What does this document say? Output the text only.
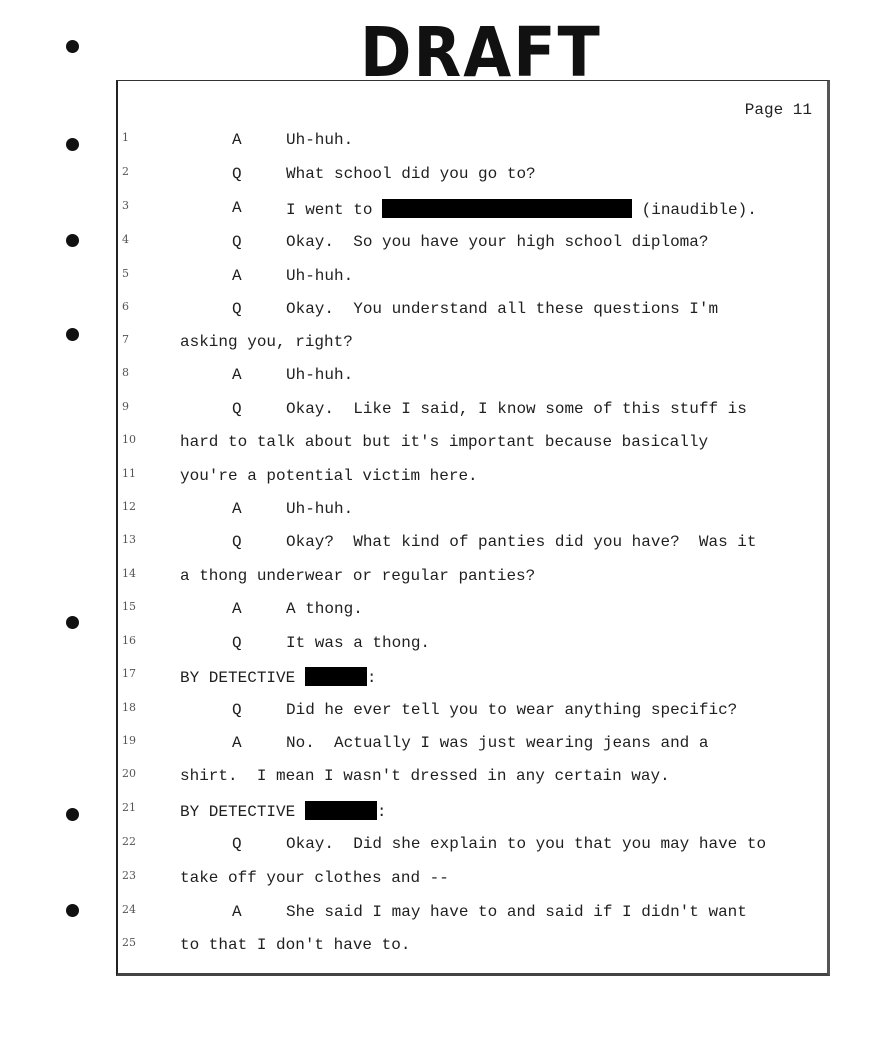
DRAFT
Page 11
1	A	Uh-huh.
2	Q	What school did you go to?
3	A	I went to	(inaudible).
4	Q	Okay.  So you have your high school diploma?
5	A	Uh-huh.
6	Q	Okay.  You understand all these questions I'm
7	asking you, right?
8	A	Uh-huh.
9	Q	Okay.  Like I said, I know some of this stuff is
10	hard to talk about but it's important because basically
11	you're a potential victim here.
12	A	Uh-huh.
13	Q	Okay?  What kind of panties did you have?  Was it
14	a thong underwear or regular panties?
15	A	A thong.
16	Q	It was a thong.
17	BY DETECTIVE	:
18	Q	Did he ever tell you to wear anything specific?
19	A	No.  Actually I was just wearing jeans and a
20	shirt.  I mean I wasn't dressed in any certain way.
21	BY DETECTIVE	:
22	Q	Okay.  Did she explain to you that you may have to
23	take off your clothes and --
24	A	She said I may have to and said if I didn't want
25	to that I don't have to.
